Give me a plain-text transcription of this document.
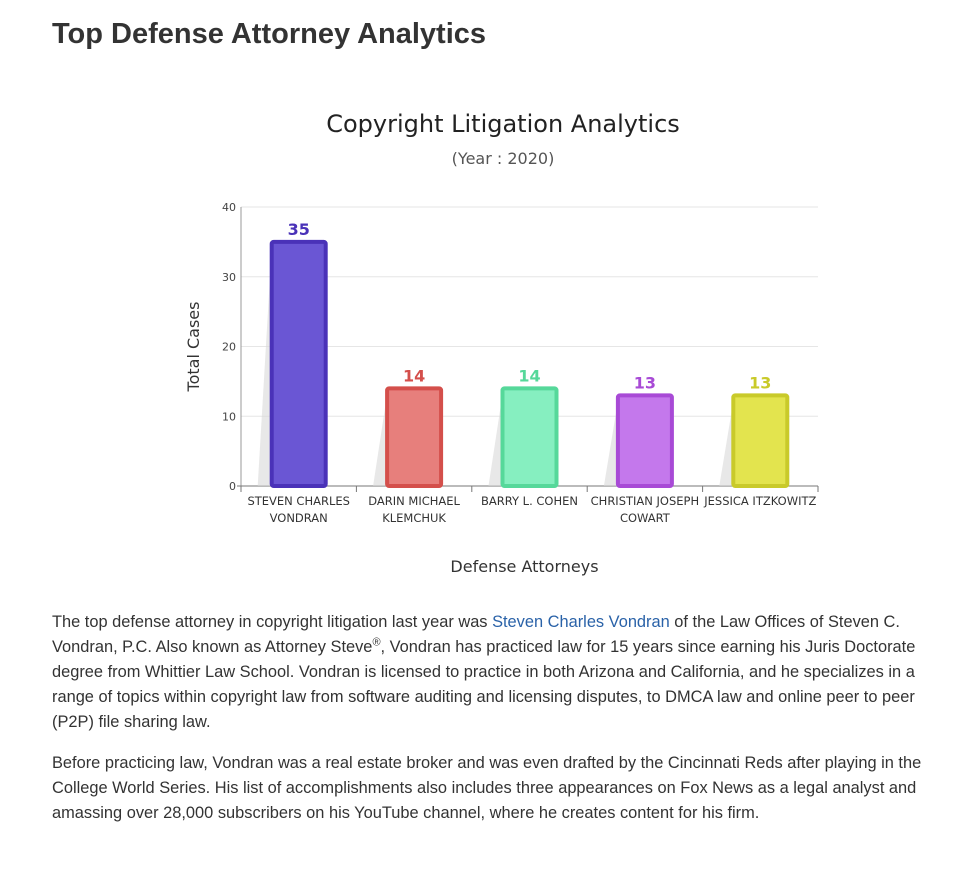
Top Defense Attorney Analytics
Copyright Litigation Analytics
(Year : 2020)
0
10
20
30
40
Total Cases
Defense Attorneys
35
STEVEN CHARLES
VONDRAN
14
DARIN MICHAEL
KLEMCHUK
14
BARRY L. COHEN
13
CHRISTIAN JOSEPH
COWART
13
JESSICA ITZKOWITZ

The top defense attorney in copyright litigation last year was Steven Charles Vondran of the Law Offices of Steven C. Vondran, P.C. Also known as Attorney Steve®, Vondran has practiced law for 15 years since earning his Juris Doctorate degree from Whittier Law School. Vondran is licensed to practice in both Arizona and California, and he specializes in a range of topics within copyright law from software auditing and licensing disputes, to DMCA law and online peer to peer (P2P) file sharing law.

Before practicing law, Vondran was a real estate broker and was even drafted by the Cincinnati Reds after playing in the College World Series. His list of accomplishments also includes three appearances on Fox News as a legal analyst and amassing over 28,000 subscribers on his YouTube channel, where he creates content for his firm.
